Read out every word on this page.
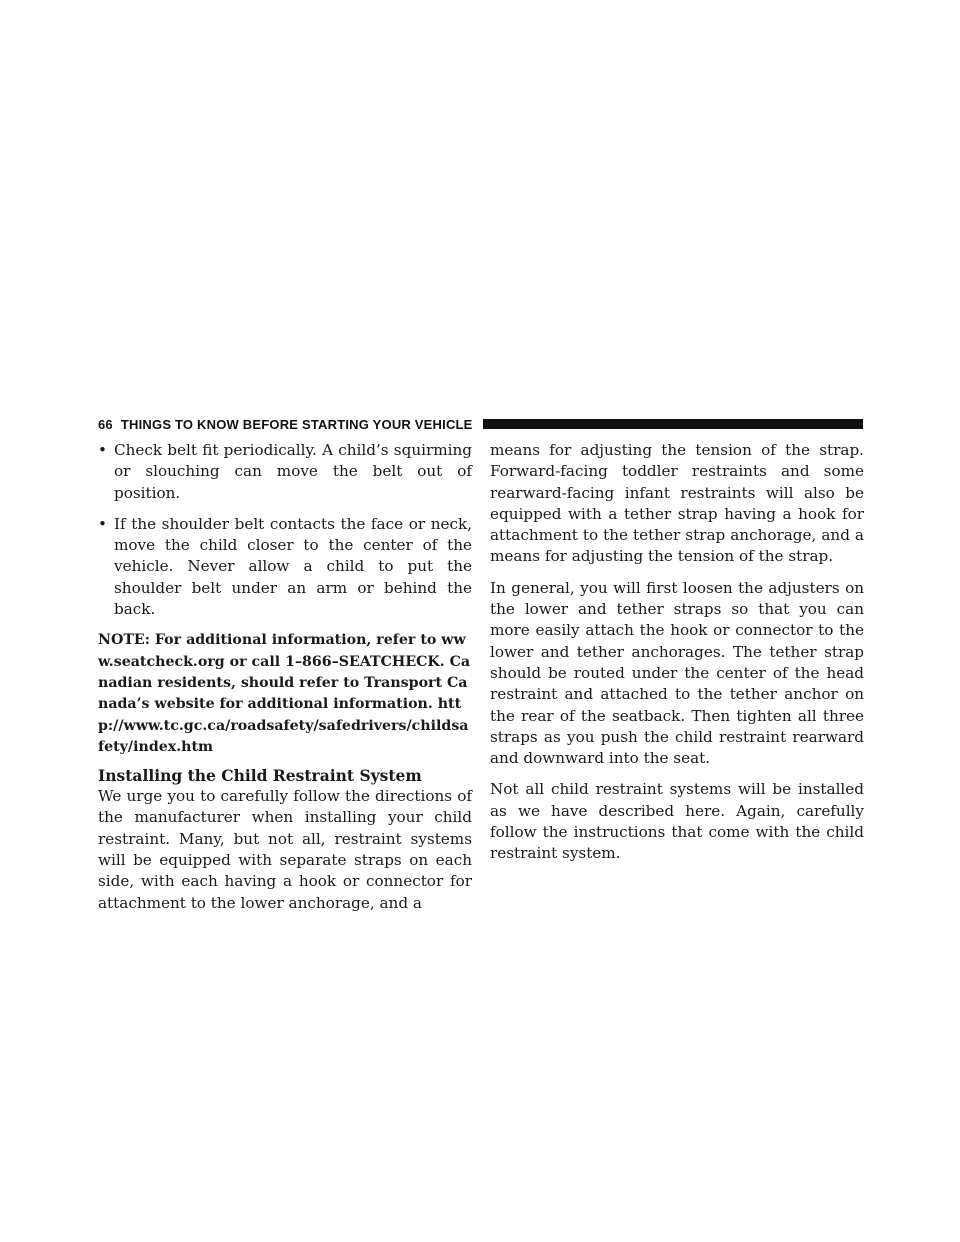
66 THINGS TO KNOW BEFORE STARTING YOUR VEHICLE
• Check belt fit periodically. A child’s squirming or slouching can move the belt out of position.
• If the shoulder belt contacts the face or neck, move the child closer to the center of the vehicle. Never allow a child to put the shoulder belt under an arm or behind the back.
NOTE: For additional information, refer to www.seatcheck.org or call 1–866–SEATCHECK. Canadian residents, should refer to Transport Canada’s website for additional information. http://www.tc.gc.ca/roadsafety/safedrivers/childsafety/index.htm
Installing the Child Restraint System

We urge you to carefully follow the directions of the manufacturer when installing your child restraint. Many, but not all, restraint systems will be equipped with separate straps on each side, with each having a hook or connector for attachment to the lower anchorage, and a

means for adjusting the tension of the strap. Forward-facing toddler restraints and some rearward-facing infant restraints will also be equipped with a tether strap having a hook for attachment to the tether strap anchorage, and a means for adjusting the tension of the strap.

In general, you will first loosen the adjusters on the lower and tether straps so that you can more easily attach the hook or connector to the lower and tether anchorages. The tether strap should be routed under the center of the head restraint and attached to the tether anchor on the rear of the seatback. Then tighten all three straps as you push the child restraint rearward and downward into the seat.

Not all child restraint systems will be installed as we have described here. Again, carefully follow the instructions that come with the child restraint system.
